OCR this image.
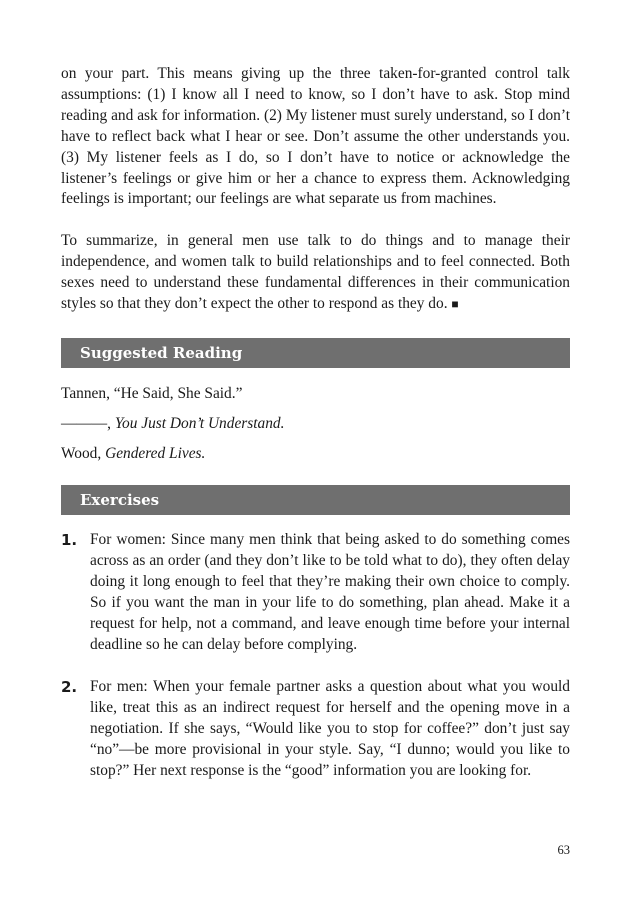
on your part. This means giving up the three taken-for-granted control talk assumptions: (1) I know all I need to know, so I don’t have to ask. Stop mind reading and ask for information. (2) My listener must surely understand, so I don’t have to reflect back what I hear or see. Don’t assume the other understands you. (3) My listener feels as I do, so I don’t have to notice or acknowledge the listener’s feelings or give him or her a chance to express them. Acknowledging feelings is important; our feelings are what separate us from machines.

To summarize, in general men use talk to do things and to manage their independence, and women talk to build relationships and to feel connected. Both sexes need to understand these fundamental differences in their communication styles so that they don’t expect the other to respond as they do. ■

Suggested Reading

Tannen, “He Said, She Said.”

———, You Just Don’t Understand.

Wood, Gendered Lives.

Exercises
1. For women: Since many men think that being asked to do something comes across as an order (and they don’t like to be told what to do), they often delay doing it long enough to feel that they’re making their own choice to comply. So if you want the man in your life to do something, plan ahead. Make it a request for help, not a command, and leave enough time before your internal deadline so he can delay before complying.

2. For men: When your female partner asks a question about what you would like, treat this as an indirect request for herself and the opening move in a negotiation. If she says, “Would like you to stop for coffee?” don’t just say “no”—be more provisional in your style. Say, “I dunno; would you like to stop?” Her next response is the “good” information you are looking for.

63
